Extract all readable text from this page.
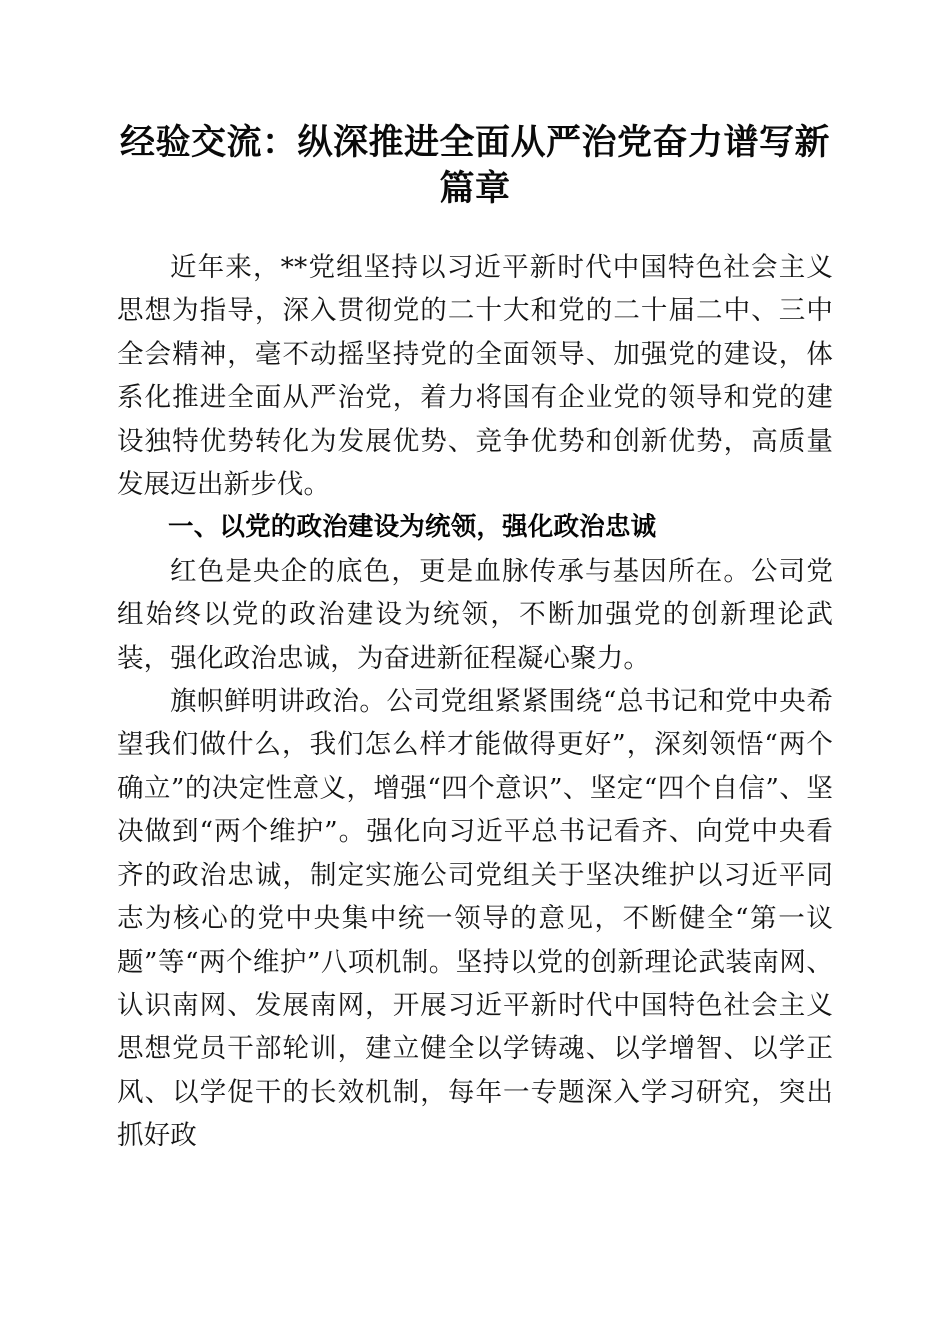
经验交流：纵深推进全面从严治党奋力谱写新篇章

近年来，**党组坚持以习近平新时代中国特色社会主义思想为指导，深入贯彻党的二十大和党的二十届二中、三中全会精神，毫不动摇坚持党的全面领导、加强党的建设，体系化推进全面从严治党，着力将国有企业党的领导和党的建设独特优势转化为发展优势、竞争优势和创新优势，高质量发展迈出新步伐。

一、以党的政治建设为统领，强化政治忠诚

红色是央企的底色，更是血脉传承与基因所在。公司党组始终以党的政治建设为统领，不断加强党的创新理论武装，强化政治忠诚，为奋进新征程凝心聚力。

旗帜鲜明讲政治。公司党组紧紧围绕“总书记和党中央希望我们做什么，我们怎么样才能做得更好”，深刻领悟“两个确立”的决定性意义，增强“四个意识”、坚定“四个自信”、坚决做到“两个维护”。强化向习近平总书记看齐、向党中央看齐的政治忠诚，制定实施公司党组关于坚决维护以习近平同志为核心的党中央集中统一领导的意见，不断健全“第一议题”等“两个维护”八项机制。坚持以党的创新理论武装南网、认识南网、发展南网，开展习近平新时代中国特色社会主义思想党员干部轮训，建立健全以学铸魂、以学增智、以学正风、以学促干的长效机制，每年一专题深入学习研究，突出抓好政
